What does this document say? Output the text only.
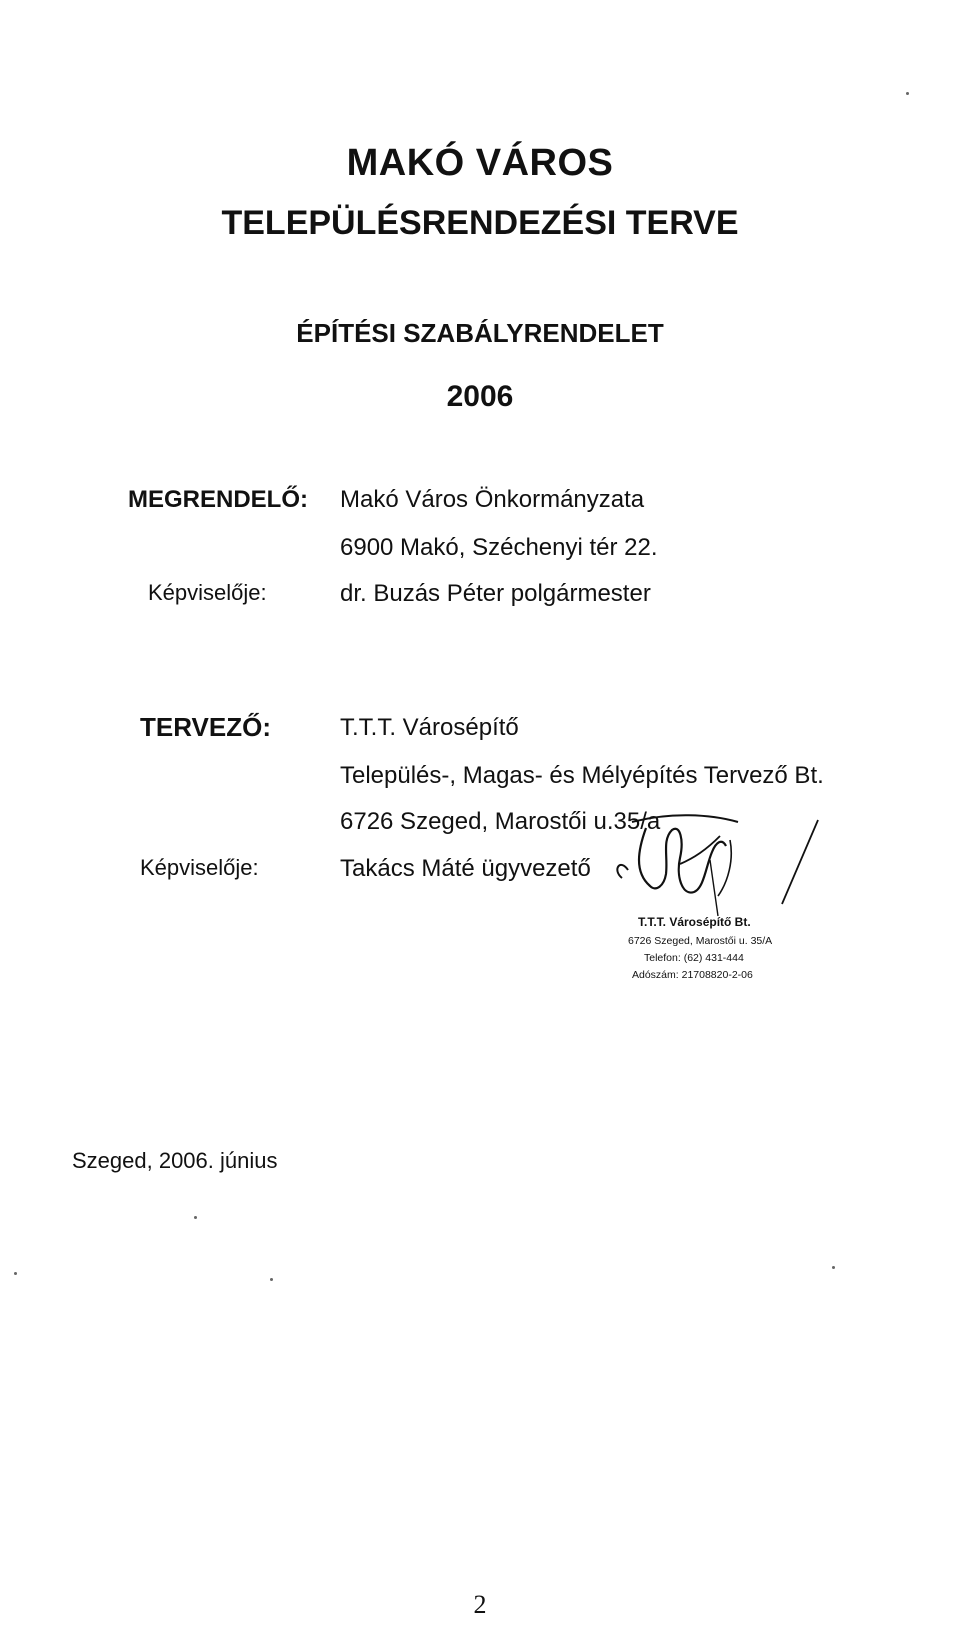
MAKÓ VÁROS
TELEPÜLÉSRENDEZÉSI TERVE
ÉPÍTÉSI SZABÁLYRENDELET
2006
MEGRENDELŐ: Makó Város Önkormányzata
6900 Makó, Széchenyi tér 22.
Képviselője:	dr. Buzás Péter polgármester
TERVEZŐ:	T.T.T. Városépítő
Település-, Magas- és Mélyépítés Tervező Bt.
6726 Szeged, Marostői u.35/a
Képviselője:	Takács Máté ügyvezető
T.T.T. Városépítő Bt.
6726 Szeged, Marostői u. 35/A
Telefon: (62) 431-444
Adószám: 21708820-2-06
Szeged, 2006. június
2
